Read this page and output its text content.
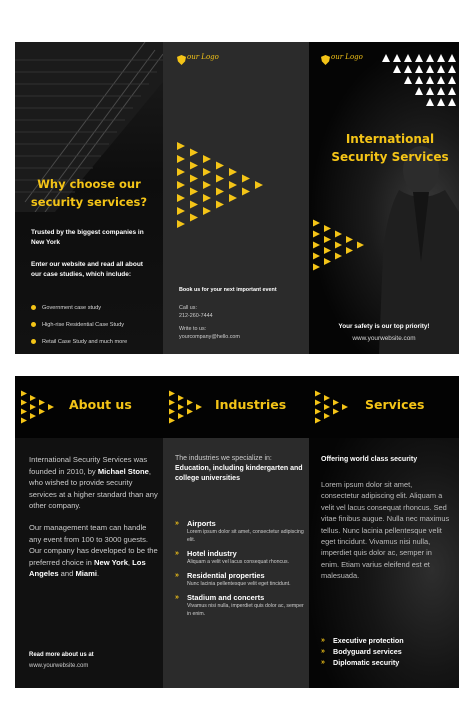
Why choose our security services?
Trusted by the biggest companies in New York
Enter our website and read all about our case studies, which include:
Government case study
High-rise Residential Case Study
Retail Case Study and much more
our Logo
Book us for your next important event
Call us:
212-260-7444
Write to us:
yourcompany@hello.com
our Logo
International Security Services
Your safety is our top priority!
www.yourwebsite.com
About us

International Security Services was founded in 2010, by Michael Stone, who wished to provide security services at a higher standard than any other company.

Our management team can handle any event from 100 to 3000 guests. Our company has developed to be the preferred choice in New York, Los Angeles and Miami.

Read more about us at
www.yourwebsite.com
Industries
The industries we specialize in:
Education, including kindergarten and college universities
»	Airports
Lorem ipsum dolor sit amet, consectetur adipiscing elit.
»	Hotel industry
Aliquam a velit vel lacus consequat rhoncus.
»	Residential properties
Nunc lacinia pellentesque velit eget tincidunt.
»	Stadium and concerts
Vivamus nisi nulla, imperdiet quis dolor ac, semper in enim.
Services
Offering world class security
Lorem ipsum dolor sit amet, consectetur adipiscing elit. Aliquam a velit vel lacus consequat rhoncus. Sed vitae finibus augue. Nulla nec maximus tellus. Nunc lacinia pellentesque velit eget tincidunt. Vivamus nisi nulla, imperdiet quis dolor ac, semper in enim. Etiam varius eleifend est et malesuada.
»	Executive protection
»	Bodyguard services
»	Diplomatic security
